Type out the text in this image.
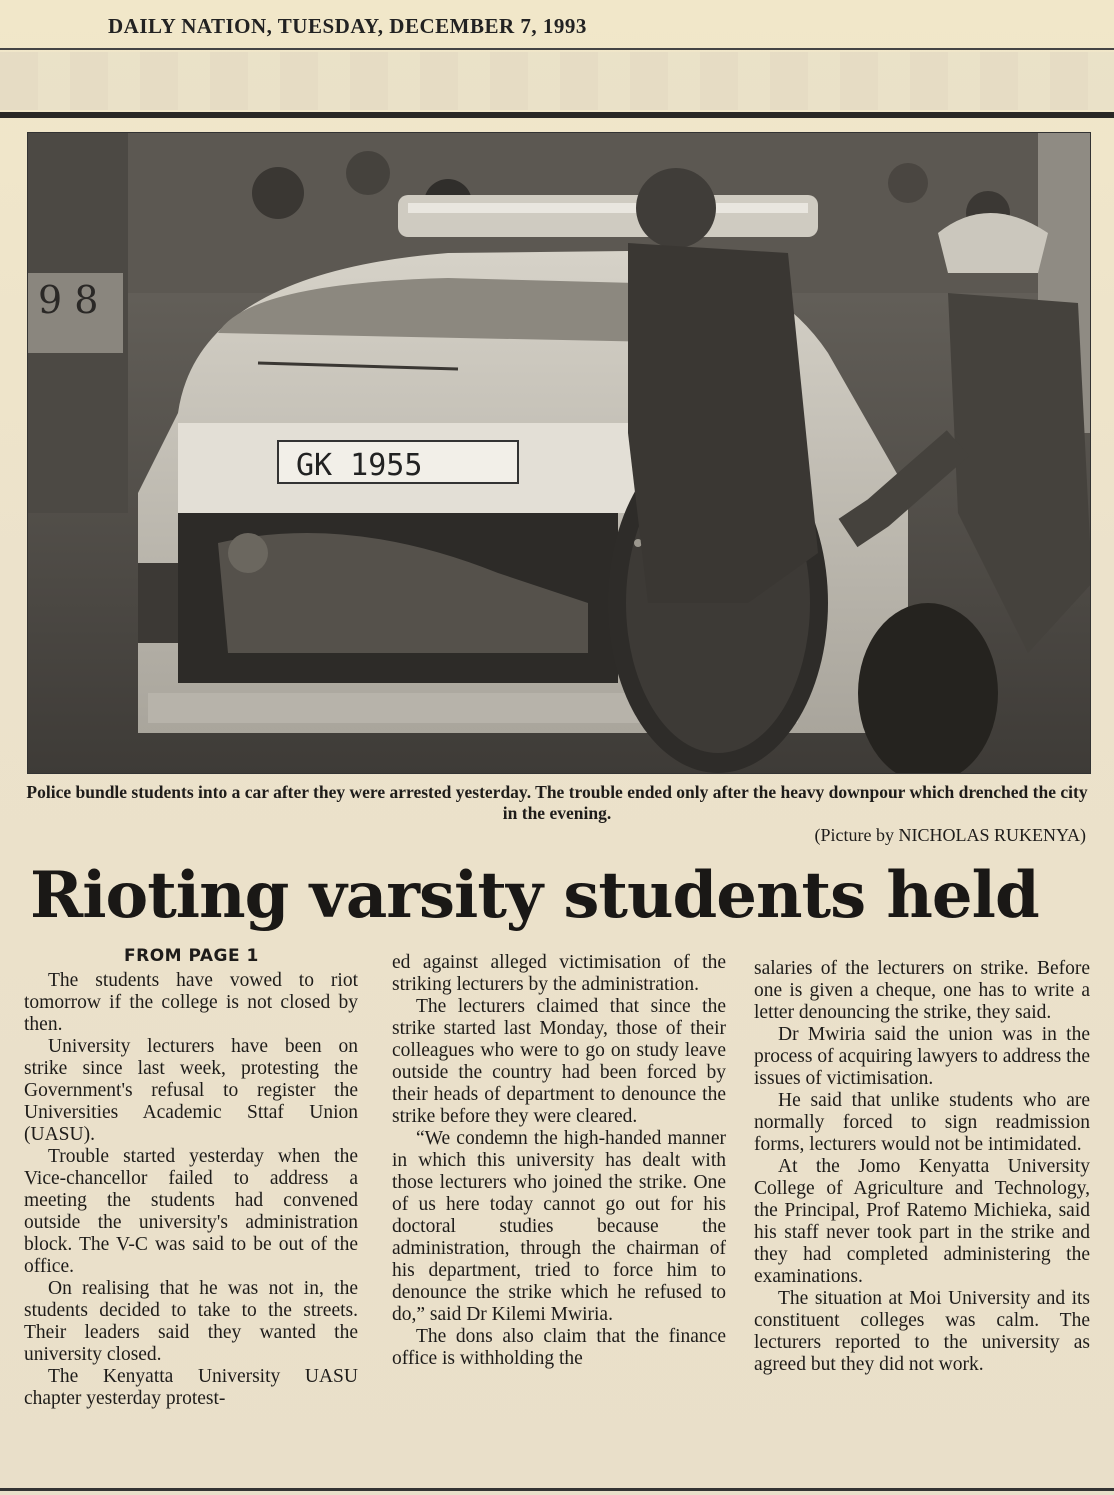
DAILY NATION, TUESDAY, DECEMBER 7, 1993
9 8
GK 1955
Police bundle students into a car after they were arrested yesterday. The trouble ended only after the heavy downpour which drenched the city in the evening.
(Picture by NICHOLAS RUKENYA)
Rioting varsity students held
FROM PAGE 1

The students have vowed to riot tomorrow if the college is not closed by then.

University lecturers have been on strike since last week, protesting the Government's refusal to register the Universities Academic Sttaf Union (UASU).

Trouble started yesterday when the Vice-chancellor failed to address a meeting the students had convened outside the university's administration block. The V-C was said to be out of the office.

On realising that he was not in, the students decided to take to the streets. Their leaders said they wanted the university closed.

The Kenyatta University UASU chapter yesterday protest-

ed against alleged victimisation of the striking lecturers by the administration.

The lecturers claimed that since the strike started last Monday, those of their colleagues who were to go on study leave outside the country had been forced by their heads of department to denounce the strike before they were cleared.

“We condemn the high-handed manner in which this university has dealt with those lecturers who joined the strike. One of us here today cannot go out for his doctoral studies because the administration, through the chairman of his department, tried to force him to denounce the strike which he refused to do,” said Dr Kilemi Mwiria.

The dons also claim that the finance office is withholding the

salaries of the lecturers on strike. Before one is given a cheque, one has to write a letter denouncing the strike, they said.

Dr Mwiria said the union was in the process of acquiring lawyers to address the issues of victimisation.

He said that unlike students who are normally forced to sign readmission forms, lecturers would not be intimidated.

At the Jomo Kenyatta University College of Agriculture and Technology, the Principal, Prof Ratemo Michieka, said his staff never took part in the strike and they had completed administering the examinations.

The situation at Moi University and its constituent colleges was calm. The lecturers reported to the university as agreed but they did not work.
